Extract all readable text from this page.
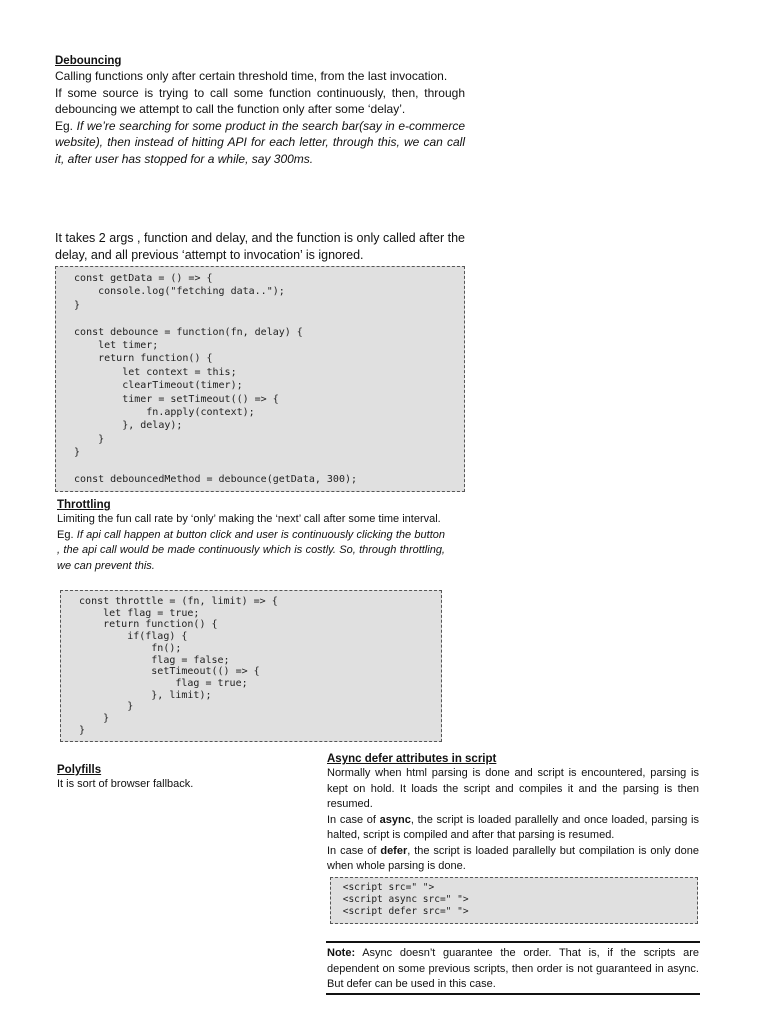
Debouncing

Calling functions only after certain threshold time, from the last invocation.

If some source is trying to call some function continuously, then, through debouncing we attempt to call the function only after some ‘delay’.

Eg. If we’re searching for some product in the search bar(say in e-commerce website), then instead of hitting API for each letter, through this, we can call it, after user has stopped for a while, say 300ms.

It takes 2 args , function and delay, and the function is only called after the delay, and all previous ‘attempt to invocation’ is ignored.

const getData = () => {
console.log("fetching data..");
}

const debounce = function(fn, delay) {
let timer;
return function() {
let context = this;
clearTimeout(timer);
timer = setTimeout(() => {
fn.apply(context);
}, delay);
}
}

const debouncedMethod = debounce(getData, 300);

Throttling

Limiting the fun call rate by ‘only’ making the ‘next’ call after some time interval.

Eg. If api call happen at button click and user is continuously clicking the button , the api call would be made continuously which is costly. So, through throttling, we can prevent this.

const throttle = (fn, limit) => {
let flag = true;
return function() {
if(flag) {
fn();
flag = false;
setTimeout(() => {
flag = true;
}, limit);
}
}
}

Polyfills

It is sort of browser fallback.

Async defer attributes in script

Normally when html parsing is done and script is encountered, parsing is kept on hold. It loads the script and compiles it and the parsing is then resumed.

In case of async, the script is loaded parallelly and once loaded, parsing is halted, script is compiled and after that parsing is resumed.

In case of defer, the script is loaded parallelly but compilation is only done when whole parsing is done.

<script src=" ">
<script async src=" ">
<script defer src=" ">

Note: Async doesn’t guarantee the order. That is, if the scripts are dependent on some previous scripts, then order is not guaranteed in async. But defer can be used in this case.
